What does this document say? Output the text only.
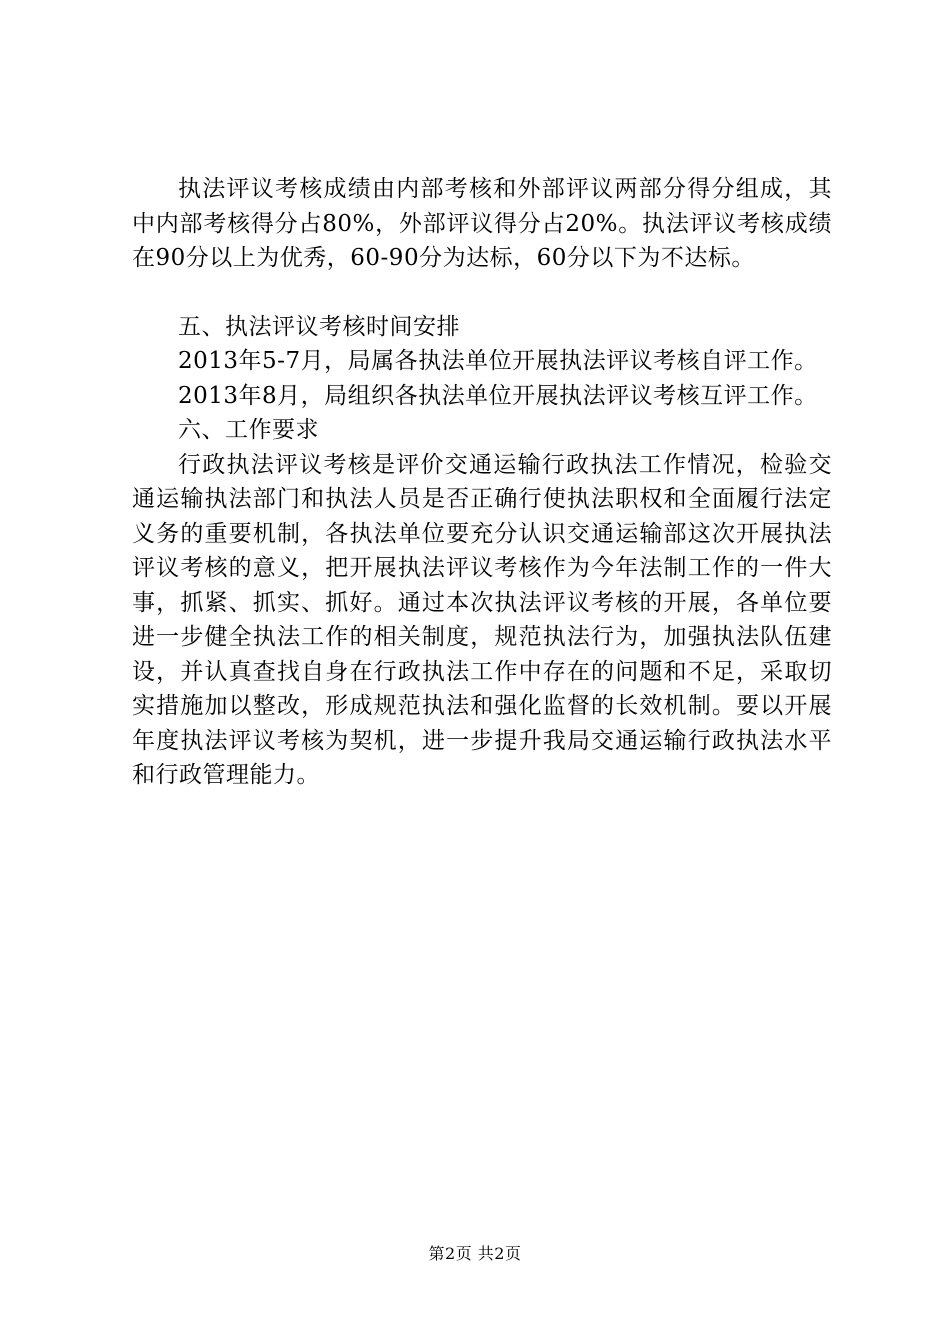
执法评议考核成绩由内部考核和外部评议两部分得分组成，其中内部考核得分占80%，外部评议得分占20%。执法评议考核成绩在90分以上为优秀，60-90分为达标，60分以下为不达标。

五、执法评议考核时间安排

2013年5-7月，局属各执法单位开展执法评议考核自评工作。

2013年8月，局组织各执法单位开展执法评议考核互评工作。

六、工作要求

行政执法评议考核是评价交通运输行政执法工作情况，检验交通运输执法部门和执法人员是否正确行使执法职权和全面履行法定义务的重要机制，各执法单位要充分认识交通运输部这次开展执法评议考核的意义，把开展执法评议考核作为今年法制工作的一件大事，抓紧、抓实、抓好。通过本次执法评议考核的开展，各单位要进一步健全执法工作的相关制度，规范执法行为，加强执法队伍建设，并认真查找自身在行政执法工作中存在的问题和不足，采取切实措施加以整改，形成规范执法和强化监督的长效机制。要以开展年度执法评议考核为契机，进一步提升我局交通运输行政执法水平和行政管理能力。

第2页 共2页
